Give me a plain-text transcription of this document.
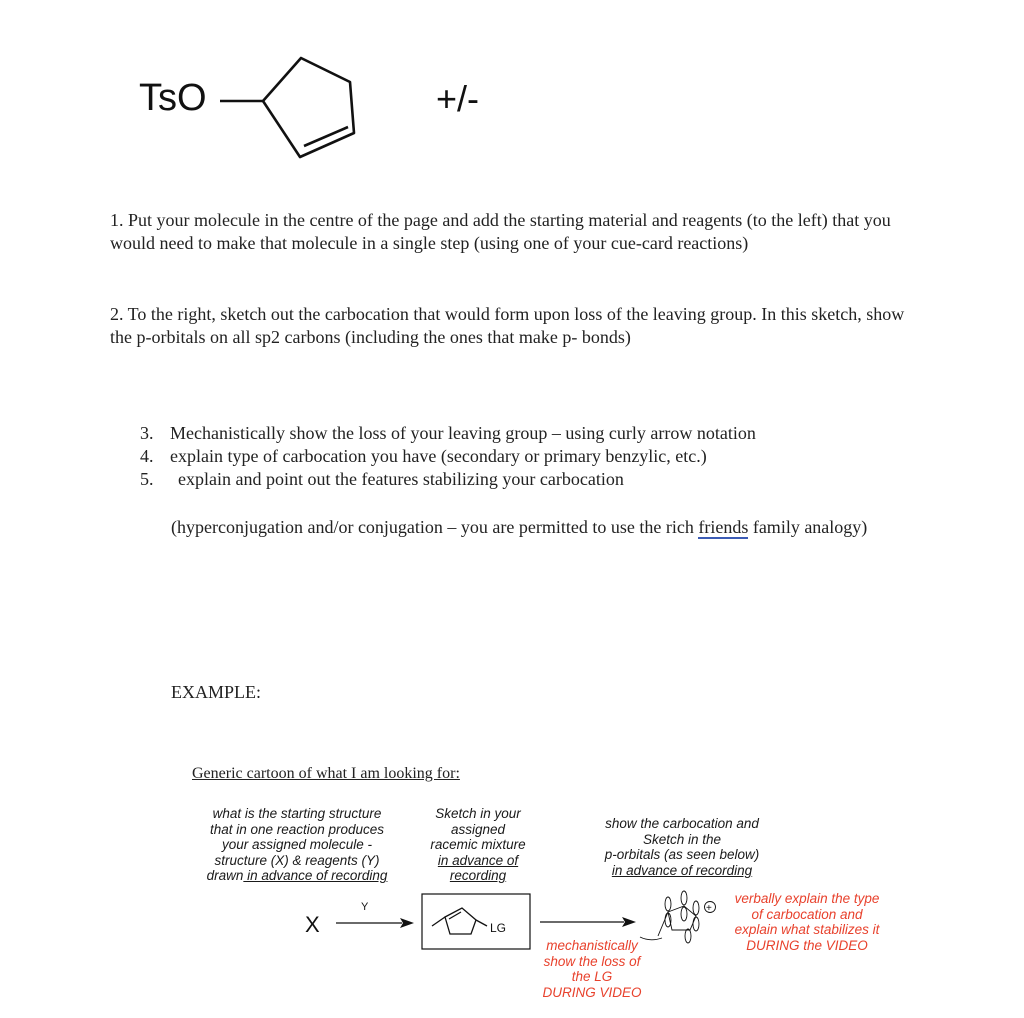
TsO	+/-
1. Put your molecule in the centre of the page and add the starting material and reagents (to the left) that you would need to make that molecule in a single step (using one of your cue-card reactions)
2. To the right, sketch out the carbocation that would form upon loss of the leaving group. In this sketch, show the p-orbitals on all sp2 carbons (including the ones that make p- bonds)
3. Mechanistically show the loss of your leaving group – using curly arrow notation
4. explain type of carbocation you have (secondary or primary benzylic, etc.)
5. explain and point out the features stabilizing your carbocation
(hyperconjugation and/or conjugation – you are permitted to use the rich friends family analogy)
EXAMPLE:
Generic cartoon of what I am looking for:
what is the starting structure
that in one reaction produces
your assigned molecule -
structure (X) & reagents (Y)
drawn in advance of recording
Sketch in your
assigned
racemic mixture
in advance of
recording
show the carbocation and
Sketch in the
p-orbitals (as seen below)
in advance of recording
X
Y
LG
+
mechanistically
show the loss of
the LG
DURING VIDEO
verbally explain the type
of carbocation and
explain what stabilizes it
DURING the VIDEO
